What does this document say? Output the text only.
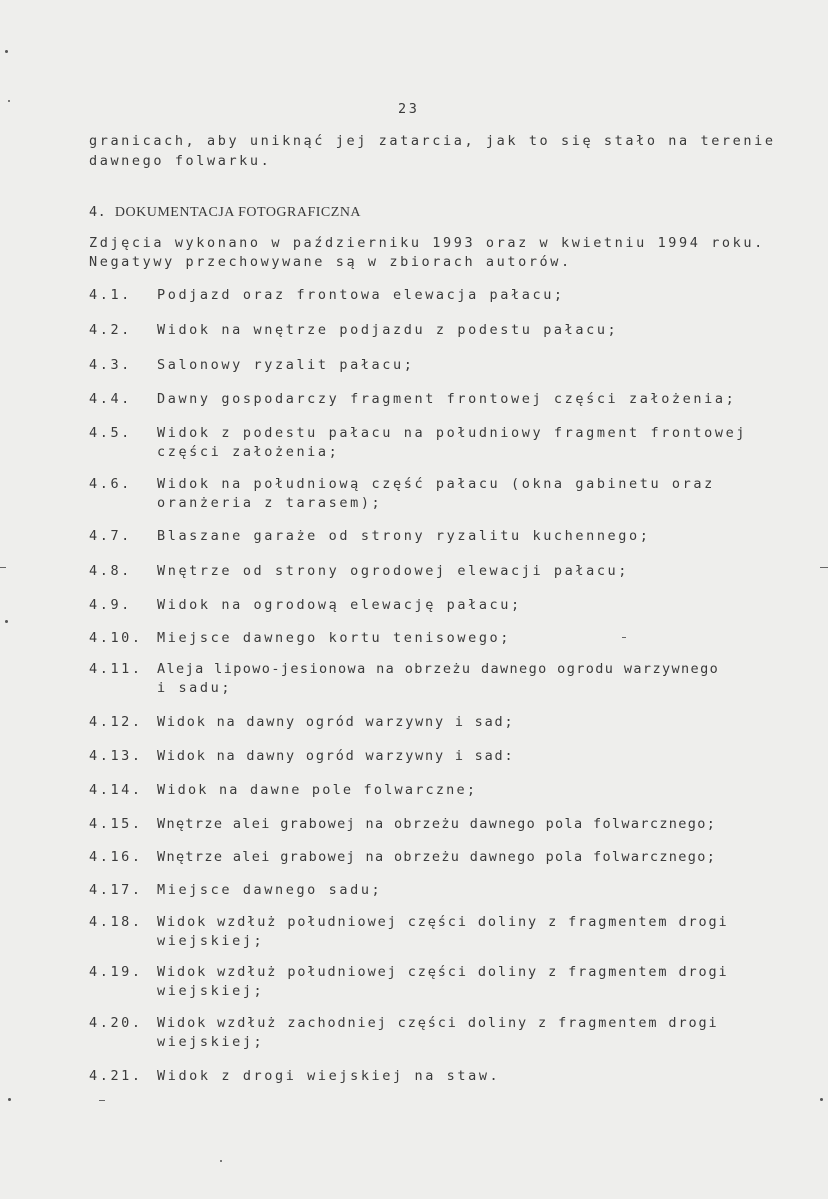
23
granicach, aby uniknąć jej zatarcia, jak to się stało na terenie
dawnego folwarku.
4. DOKUMENTACJA FOTOGRAFICZNA
Zdjęcia wykonano w październiku 1993 oraz w kwietniu 1994 roku.
Negatywy przechowywane są w zbiorach autorów.
4.1. Podjazd oraz frontowa elewacja pałacu;
4.2. Widok na wnętrze podjazdu z podestu pałacu;
4.3. Salonowy ryzalit pałacu;
4.4. Dawny gospodarczy fragment frontowej części założenia;
4.5. Widok z podestu pałacu na południowy fragment frontowej
części założenia;
4.6. Widok na południową część pałacu (okna gabinetu oraz
oranżeria z tarasem);
4.7. Blaszane garaże od strony ryzalitu kuchennego;
4.8. Wnętrze od strony ogrodowej elewacji pałacu;
4.9. Widok na ogrodową elewację pałacu;
4.10. Miejsce dawnego kortu tenisowego;
4.11. Aleja lipowo-jesionowa na obrzeżu dawnego ogrodu warzywnego
i sadu;
4.12. Widok na dawny ogród warzywny i sad;
4.13. Widok na dawny ogród warzywny i sad:
4.14. Widok na dawne pole folwarczne;
4.15. Wnętrze alei grabowej na obrzeżu dawnego pola folwarcznego;
4.16. Wnętrze alei grabowej na obrzeżu dawnego pola folwarcznego;
4.17. Miejsce dawnego sadu;
4.18. Widok wzdłuż południowej części doliny z fragmentem drogi
wiejskiej;
4.19. Widok wzdłuż południowej części doliny z fragmentem drogi
wiejskiej;
4.20. Widok wzdłuż zachodniej części doliny z fragmentem drogi
wiejskiej;
4.21. Widok z drogi wiejskiej na staw.
